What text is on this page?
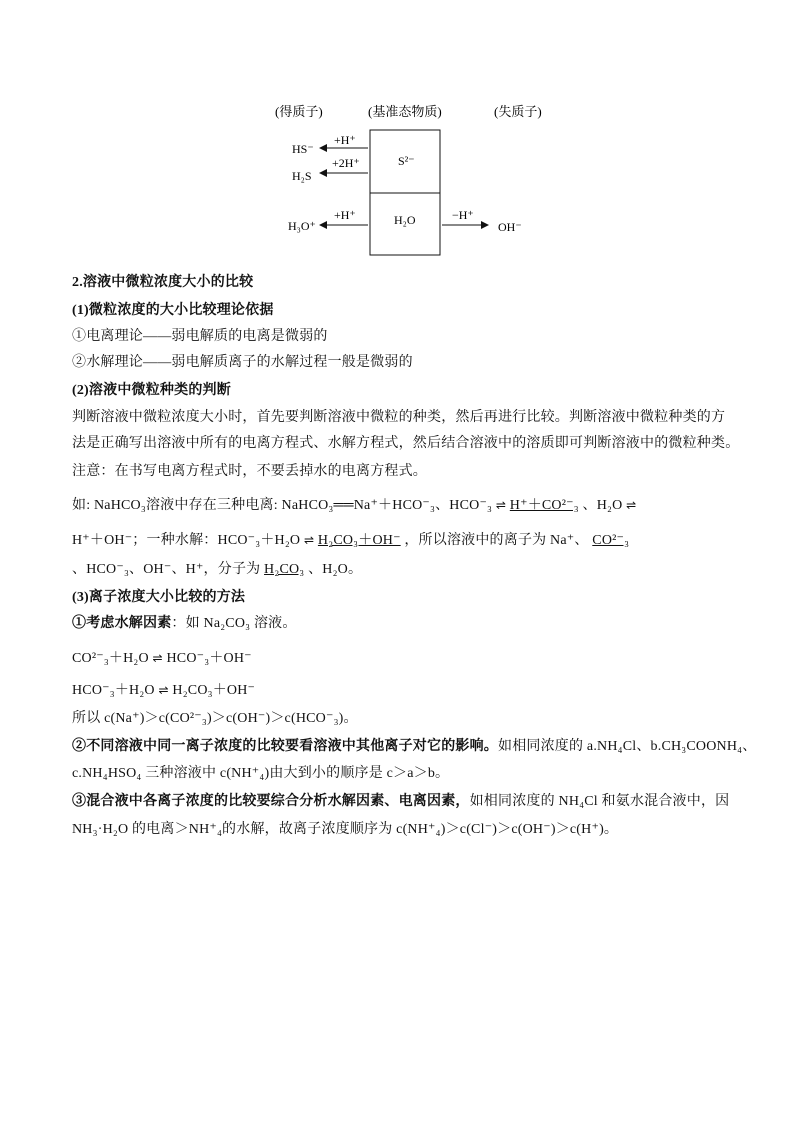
(得质子)	(基准态物质)	(失质子)
S²⁻
H₂O
+H⁺
HS⁻
+2H⁺
H₂S
+H⁺
H₃O⁺
−H⁺
OH⁻
2.溶液中微粒浓度大小的比较
(1)微粒浓度的大小比较理论依据
①电离理论——弱电解质的电离是微弱的
②水解理论——弱电解质离子的水解过程一般是微弱的
(2)溶液中微粒种类的判断
判断溶液中微粒浓度大小时，首先要判断溶液中微粒的种类，然后再进行比较。判断溶液中微粒种类的方
法是正确写出溶液中所有的电离方程式、水解方程式，然后结合溶液中的溶质即可判断溶液中的微粒种类。
注意：在书写电离方程式时，不要丢掉水的电离方程式。
如: NaHCO₃溶液中存在三种电离: NaHCO₃══Na⁺＋HCO⁻₃、HCO⁻₃ ⇌ H⁺＋CO²⁻₃ 、H₂O ⇌
H⁺＋OH⁻；一种水解：HCO⁻₃＋H₂O ⇌ H₂CO₃＋OH⁻ ，所以溶液中的离子为 Na⁺、 CO²⁻₃
、HCO⁻₃、OH⁻、H⁺，分子为 H₂CO₃ 、H₂O。
(3)离子浓度大小比较的方法
①考虑水解因素：如 Na₂CO₃ 溶液。
CO²⁻₃＋H₂O ⇌ HCO⁻₃＋OH⁻
HCO⁻₃＋H₂O ⇌ H₂CO₃＋OH⁻
所以 c(Na⁺)＞c(CO²⁻₃)＞c(OH⁻)＞c(HCO⁻₃)。
②不同溶液中同一离子浓度的比较要看溶液中其他离子对它的影响。如相同浓度的 a.NH₄Cl、b.CH₃COONH₄、
c.NH₄HSO₄ 三种溶液中 c(NH⁺₄)由大到小的顺序是 c＞a＞b。
③混合液中各离子浓度的比较要综合分析水解因素、电离因素，如相同浓度的 NH₄Cl 和氨水混合液中，因
NH₃·H₂O 的电离＞NH⁺₄的水解，故离子浓度顺序为 c(NH⁺₄)＞c(Cl⁻)＞c(OH⁻)＞c(H⁺)。
